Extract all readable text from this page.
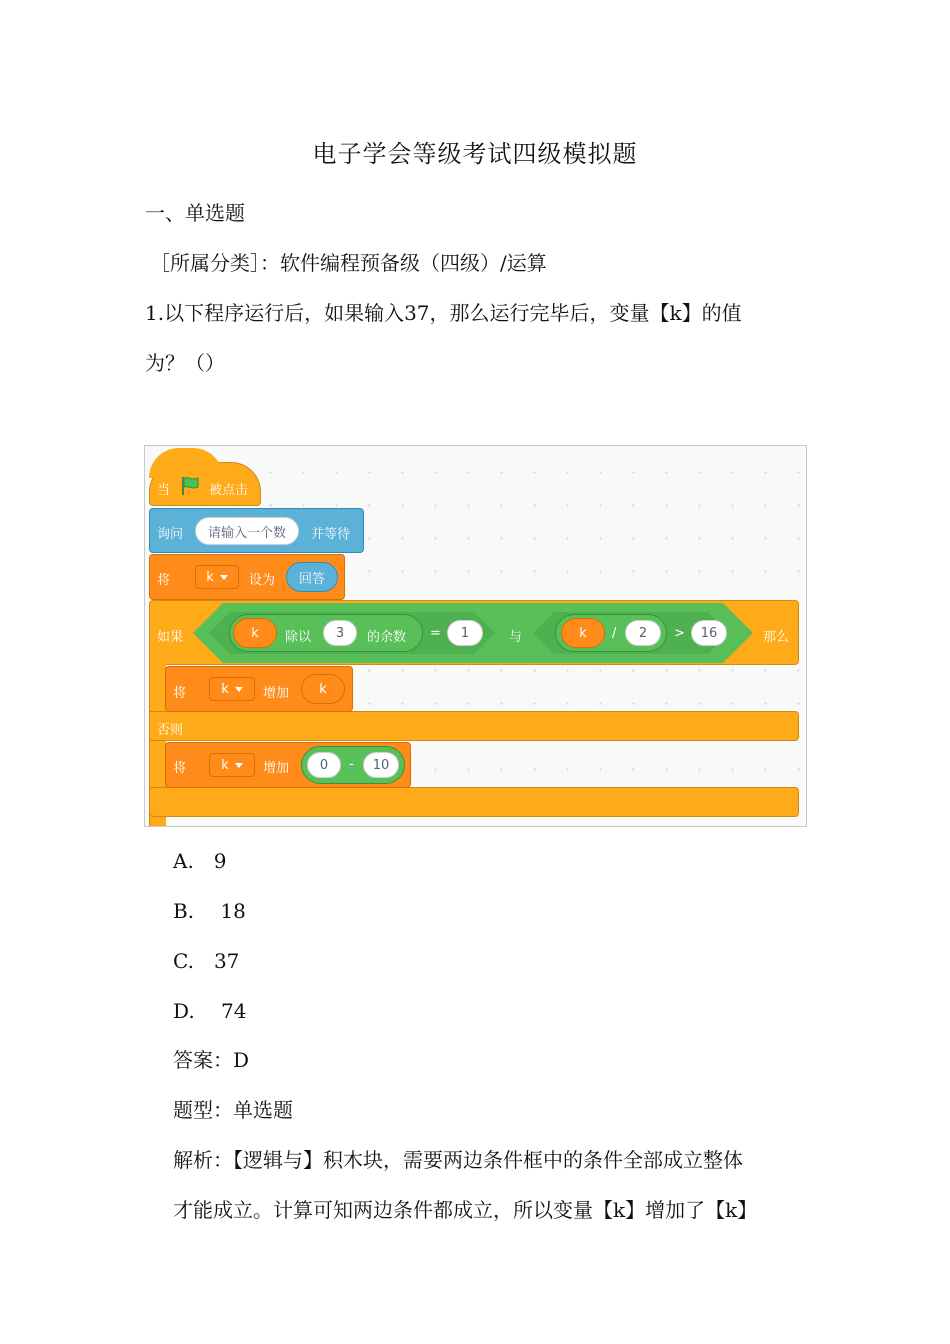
电子学会等级考试四级模拟题
一、单选题
［所属分类］：软件编程预备级（四级）/运算
1.以下程序运行后，如果输入37，那么运行完毕后，变量【k】的值
为？（）
当	被点击
询问	请输入一个数	并等待
将	k	设为	回答
如果	那么
否则
与
k	除以	3	的余数 =	1	k	/	2	>	16
将	k	增加	k
将	k	增加	0	-	10
A.　9
B.　 18
C.　37
D.　 74
答案：D
题型：单选题
解析：【逻辑与】积木块，需要两边条件框中的条件全部成立整体
才能成立。计算可知两边条件都成立，所以变量【k】增加了【k】
